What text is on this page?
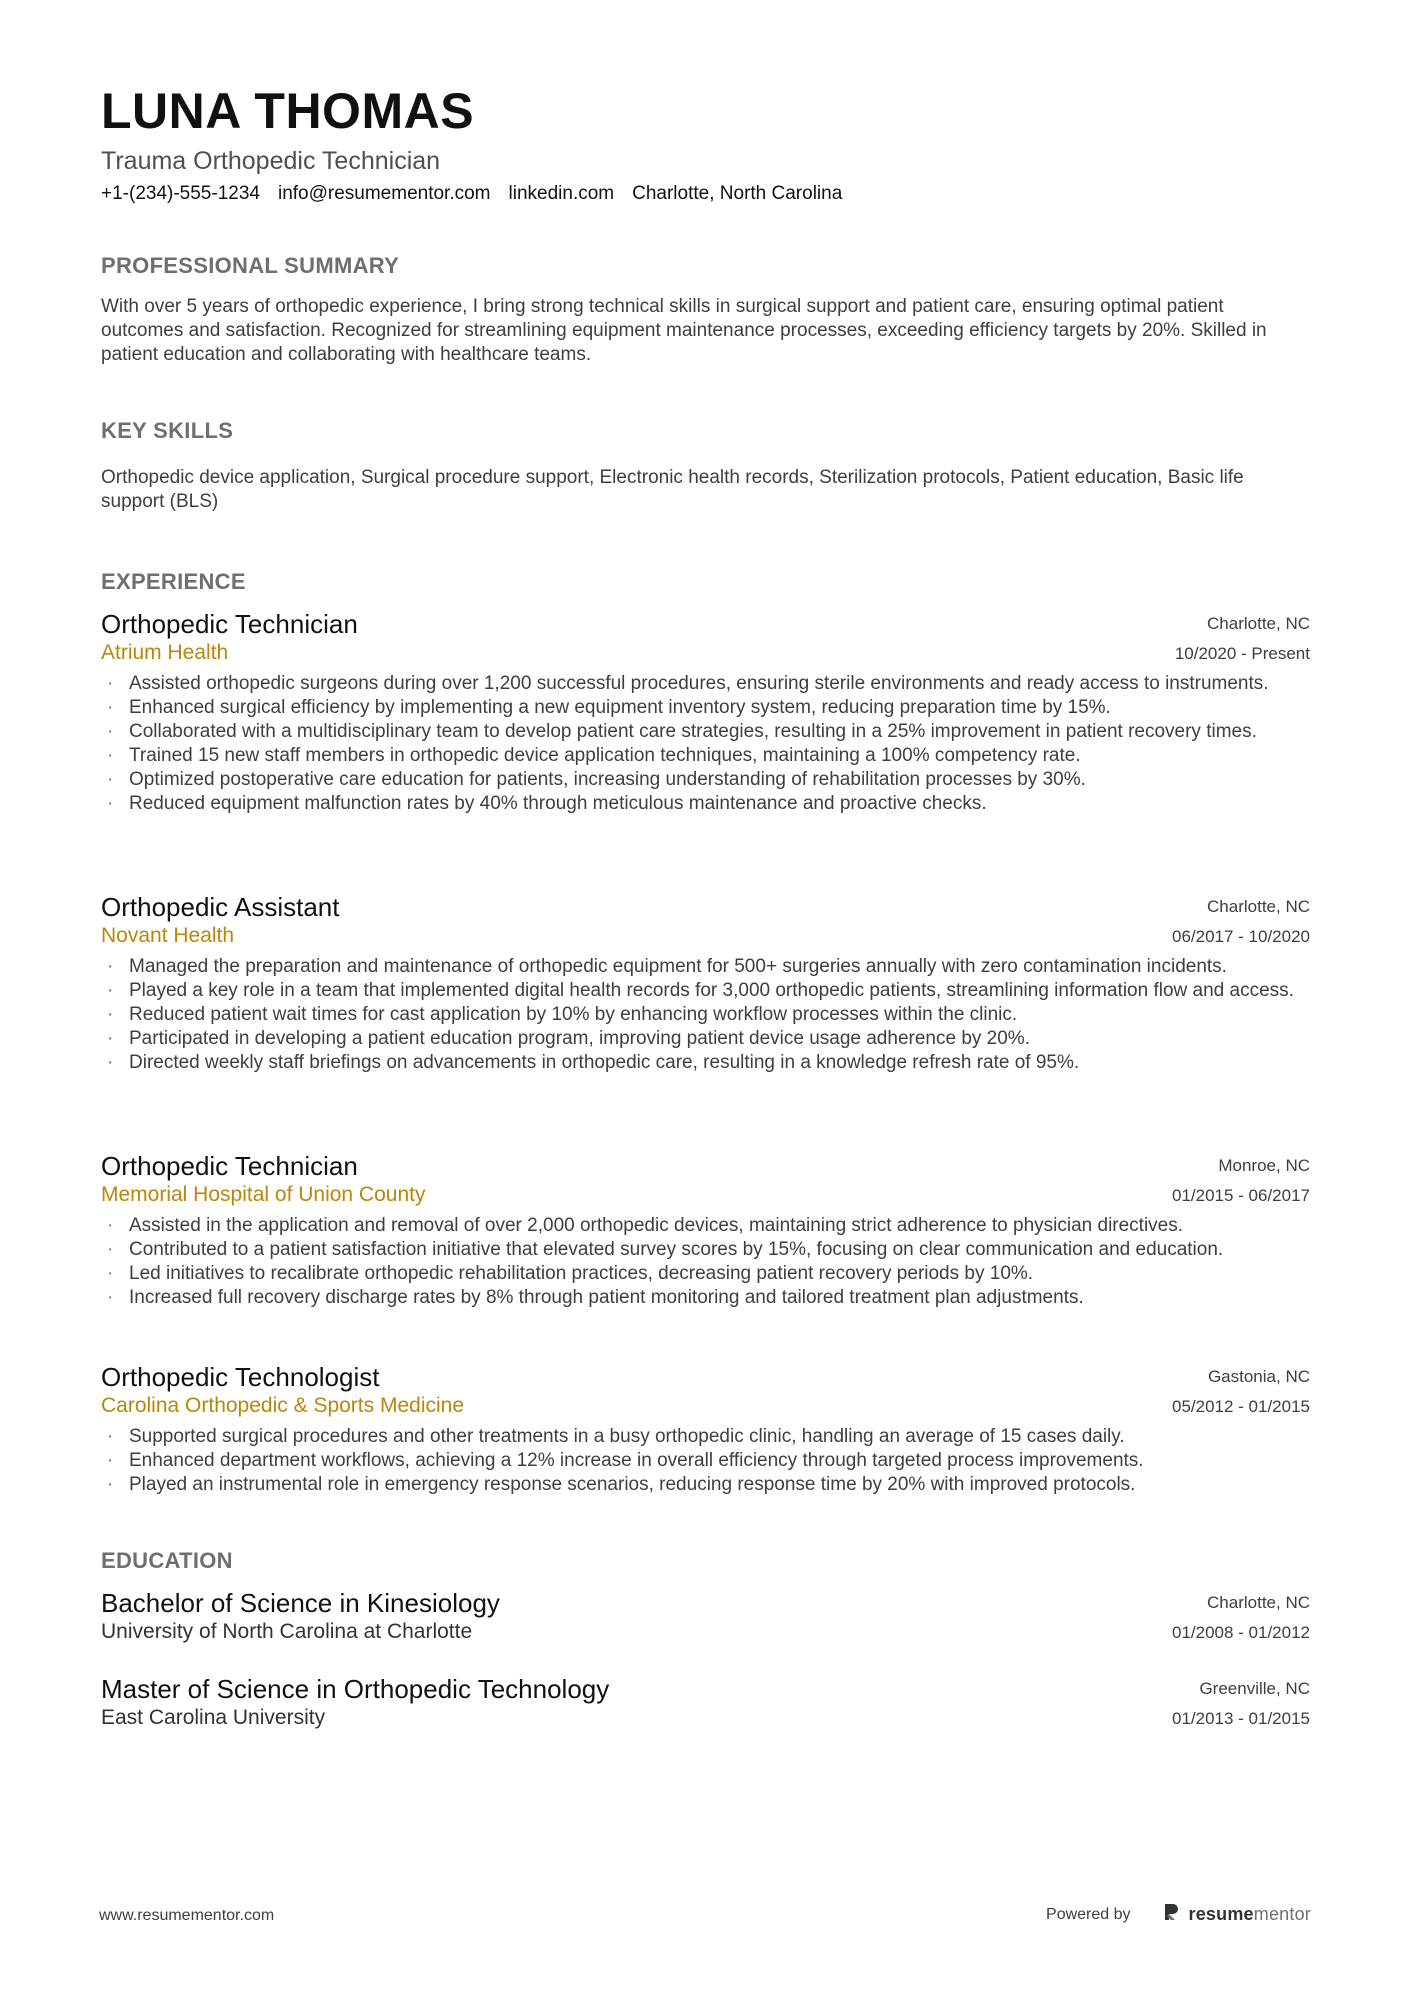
LUNA THOMAS
Trauma Orthopedic Technician
+1-(234)-555-1234 info@resumementor.com linkedin.com Charlotte, North Carolina
PROFESSIONAL SUMMARY

With over 5 years of orthopedic experience, I bring strong technical skills in surgical support and patient care, ensuring optimal patient outcomes and satisfaction. Recognized for streamlining equipment maintenance processes, exceeding efficiency targets by 20%. Skilled in patient education and collaborating with healthcare teams.

KEY SKILLS

Orthopedic device application, Surgical procedure support, Electronic health records, Sterilization protocols, Patient education, Basic life support (BLS)

EXPERIENCE
Orthopedic Technician
Atrium Health
Charlotte, NC
10/2020 - Present
· Assisted orthopedic surgeons during over 1,200 successful procedures, ensuring sterile environments and ready access to instruments.
· Enhanced surgical efficiency by implementing a new equipment inventory system, reducing preparation time by 15%.
· Collaborated with a multidisciplinary team to develop patient care strategies, resulting in a 25% improvement in patient recovery times.
· Trained 15 new staff members in orthopedic device application techniques, maintaining a 100% competency rate.
· Optimized postoperative care education for patients, increasing understanding of rehabilitation processes by 30%.
· Reduced equipment malfunction rates by 40% through meticulous maintenance and proactive checks.
Orthopedic Assistant
Novant Health
Charlotte, NC
06/2017 - 10/2020
· Managed the preparation and maintenance of orthopedic equipment for 500+ surgeries annually with zero contamination incidents.
· Played a key role in a team that implemented digital health records for 3,000 orthopedic patients, streamlining information flow and access.
· Reduced patient wait times for cast application by 10% by enhancing workflow processes within the clinic.
· Participated in developing a patient education program, improving patient device usage adherence by 20%.
· Directed weekly staff briefings on advancements in orthopedic care, resulting in a knowledge refresh rate of 95%.
Orthopedic Technician
Memorial Hospital of Union County
Monroe, NC
01/2015 - 06/2017
· Assisted in the application and removal of over 2,000 orthopedic devices, maintaining strict adherence to physician directives.
· Contributed to a patient satisfaction initiative that elevated survey scores by 15%, focusing on clear communication and education.
· Led initiatives to recalibrate orthopedic rehabilitation practices, decreasing patient recovery periods by 10%.
· Increased full recovery discharge rates by 8% through patient monitoring and tailored treatment plan adjustments.
Orthopedic Technologist
Carolina Orthopedic & Sports Medicine
Gastonia, NC
05/2012 - 01/2015
· Supported surgical procedures and other treatments in a busy orthopedic clinic, handling an average of 15 cases daily.
· Enhanced department workflows, achieving a 12% increase in overall efficiency through targeted process improvements.
· Played an instrumental role in emergency response scenarios, reducing response time by 20% with improved protocols.
EDUCATION
Bachelor of Science in Kinesiology
University of North Carolina at Charlotte
Charlotte, NC
01/2008 - 01/2012
Master of Science in Orthopedic Technology
East Carolina University
Greenville, NC
01/2013 - 01/2015
www.resumementor.com	Powered by	resumementor
